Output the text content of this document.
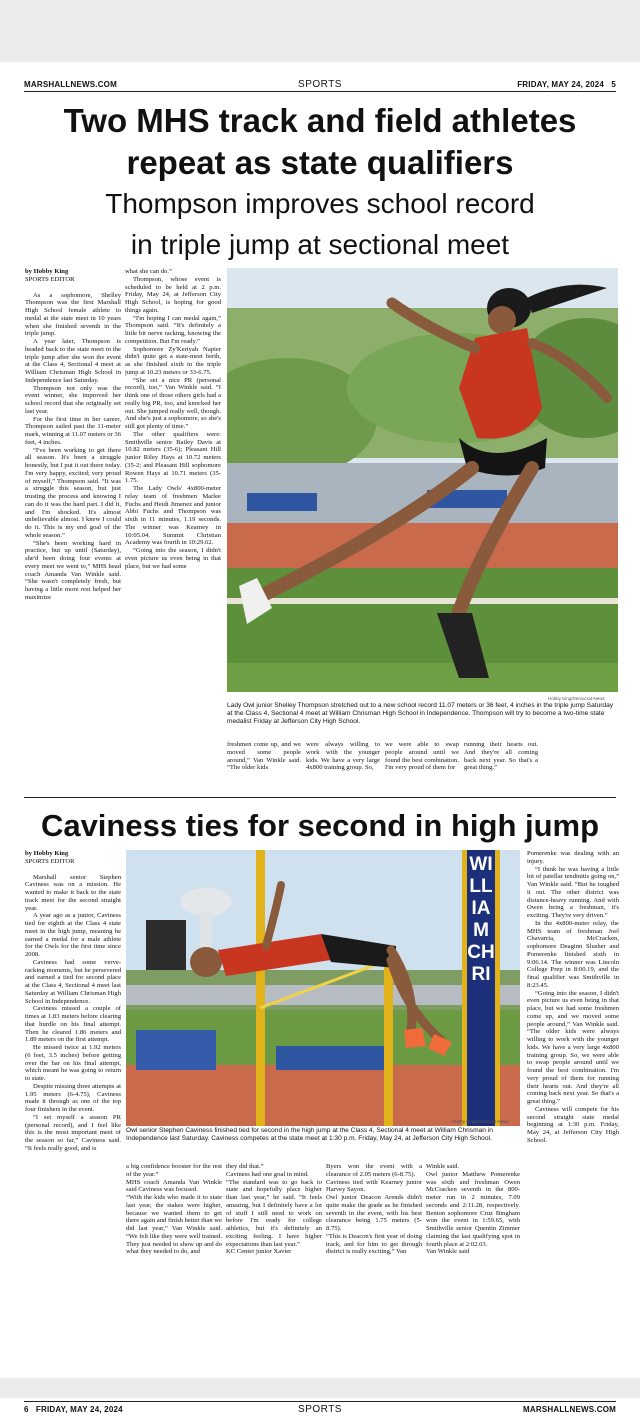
MARSHALLNEWS.COM	SPORTS	FRIDAY, MAY 24, 2024   5
Two MHS track and field athletes
repeat as state qualifiers
Thompson improves school record
in triple jump at sectional meet
by Hobby King
SPORTS EDITOR

As a sophomore, Shelley Thompson was the first Marshall High School female athlete to medal at the state meet in 10 years when she finished seventh in the triple jump.

A year later, Thompson is headed back to the state meet in the triple jump after she won the event at the Class 4, Sectional 4 meet at William Chrisman High School in Independence last Saturday.

Thompson not only was the event winner, she improved her school record that she originally set last year.

For the first time in her career, Thompson sailed past the 11-meter mark, winning at 11.07 meters or 36 feet, 4 inches.

“I've been working to get there all season. It's been a struggle honestly, but I put it out there today. I'm very happy, excited; very proud of myself,” Thompson said. “It was a struggle this season, but just trusting the process and knowing I can do it was the hard part. I did it, and I'm shocked. It's almost unbelievable almost. I knew I could do it. This is my end goal of the whole season.”

“She's been working hard in practice, but up until (Saturday), she'd been doing four events at every meet we went to,” MHS head coach Amanda Van Winkle said. “She wasn't completely fresh, but having a little more rest helped her maximize

what she can do.”

Thompson, whose event is scheduled to be held at 2 p.m. Friday, May 24, at Jefferson City High School, is hoping for good things again.

“I'm hoping I can medal again,” Thompson said. “It's definitely a little bit nerve racking, knowing the competition. But I'm ready.”

Sophomore Zy'Keriyah Napier didn't quite get a state-meet berth, as she finished sixth in the triple jump at 10.23 meters or 33-6.75.

“She set a nice PR (personal record), too,” Van Winkle said. “I think one of those others girls had a really big PR, too, and knocked her out. She jumped really well, though. And she's just a sophomore, so she's still got plenty of time.”

The other qualifiers were: Smithville senior Bailey Davis at 10.82 meters (35-6); Pleasant Hill junior Riley Hays at 10.72 meters (35-2; and Pleasant Hill sophomore Rowen Hays at 10.71 meters (35-1.75.

The Lady Owls' 4x800-meter relay team of freshmen Marlee Fuchs and Heidi Jimenez and junior Abbi Fuchs and Thompson was sixth in 11 minutes, 1.19 seconds. The winner was Kearney in 10:05.04. Summit Christian Academy was fourth in 10:29.62.

“Going into the season, I didn't even picture us even being in that place, but we had some

Hobby King/Democrat-News
Lady Owl junior Shelley Thompson stretched out to a new school record 11.07 meters or 36 feet, 4 inches in the triple jump Saturday at the Class 4, Sectional 4 meet at William Chrisman High School in Independence. Thompson will try to become a two-time state medalist Friday at Jefferson City High School.
freshmen come up, and we moved some people around,” Van Winkle said. “The older kids
were always willing to work with the younger kids. We have a very large 4x800 training group. So,
we were able to swap people around until we found the best combination. I'm very proud of them for
running their hearts out. And they're all coming back next year. So that's a great thing.”
Caviness ties for second in high jump
by Hobby King
SPORTS EDITOR

Marshall senior Stephen Caviness was on a mission. He wanted to make it back to the state track meet for the second straight year.

A year ago as a junior, Caviness tied for eighth at the Class 4 state meet in the high jump, meaning he earned a medal for a male athlete for the Owls for the first time since 2008.

Caviness had some verve-racking moments, but he persevered and earned a tied for second place at the Class 4, Sectional 4 meet last Saturday at William Chrisman High School in Independence.

Caviness missed a couple of times at 1.83 meters before clearing that hurdle on his final attempt. Then he cleared 1.86 meters and 1.89 meters on the first attempt.

He missed twice at 1.92 meters (6 feet, 3.5 inches) before getting over the bar on his final attempt, which meant he was going to return to state.

Despite missing three attempts at 1.95 meters (6-4.75), Caviness made it through as one of the top four finishers in the event.

“I set myself a season PR (personal record), and I feel like this is the most important meet of the season so far,” Caviness said. “It feels really good, and is

WILLIAM CHRI
Hobby King/Democrat-News
Owl senior Stephen Caviness finished tied for second in the high jump at the Class 4, Sectional 4 meet at William Chrisman in Independence last Saturday. Caviness competes at the state meet at 1:30 p.m. Friday, May 24, at Jefferson City High School.
a big confidence booster for the rest of the year.”
MHS coach Amanda Van Winkle said Caviness was focused.
“With the kids who made it to state last year, the stakes were higher, because we wanted them to get there again and finish better than we did last year,” Van Winkle said. “We felt like they were well trained. They just needed to show up and do what they needed to do, and
they did that.”
Caviness had one goal in mind.
“The standard was to go back to state and hopefully place higher than last year,” he said. “It feels amazing, but I definitely have a lot of stuff I still need to work on before I'm ready for college athletics, but it's definitely an exciting feeling. I have higher expectations than last year.”
KC Center junior Xavier
Byers won the event with a clearance of 2.05 meters (6-8.75).
Caviness tied with Kearney junior Harvey Sayon.
Owl junior Deacon Arends didn't quite make the grade as he finished seventh in the event, with his best clearance being 1.75 meters (5-8.75).
“This is Deacon's first year of doing track, and for him to get through district is really exciting,” Van
Winkle said.
Owl junior Matthew Pomerenke was sixth and freshman Owen McCracken seventh in the 800-meter run in 2 minutes, 7.09 seconds and 2:11.28, respectively. Benton sophomore Cruz Bingham won the event in 1:59.65, with Smithville senior Quentin Zimmer claiming the last qualifying spot in fourth place at 2:02.03.
Van Winkle said

Pomerenke was dealing with an injury.

“I think he was having a little bit of patellar tendinitis going on,” Van Winkle said. “But he toughed it out. The other district was distance-heavy running. And with Owen being a freshman, it's exciting. They're very driven.”

In the 4x800-meter relay, the MHS team of freshman Joel Chavarria, McCracken, sophomore Deaginn Slusher and Pomerenke finished sixth in 9:06.14. The winner was Lincoln College Prep in 8:00.19, and the final qualifier was Smithville in 8:23.45.

“Going into the season, I didn't even picture us even being in that place, but we had some freshmen come up, and we moved some people around,” Van Winkle said. “The older kids were always willing to work with the younger kids. We have a very large 4x800 training group. So, we were able to swap people around until we found the best combination. I'm very proud of them for running their hearts out. And they're all coming back next year. So that's a great thing.”

Caviness will compete for his second straight state medal beginning at 1:30 p.m. Friday, May 24, at Jefferson City High School.

6   FRIDAY, MAY 24, 2024	SPORTS	MARSHALLNEWS.COM
